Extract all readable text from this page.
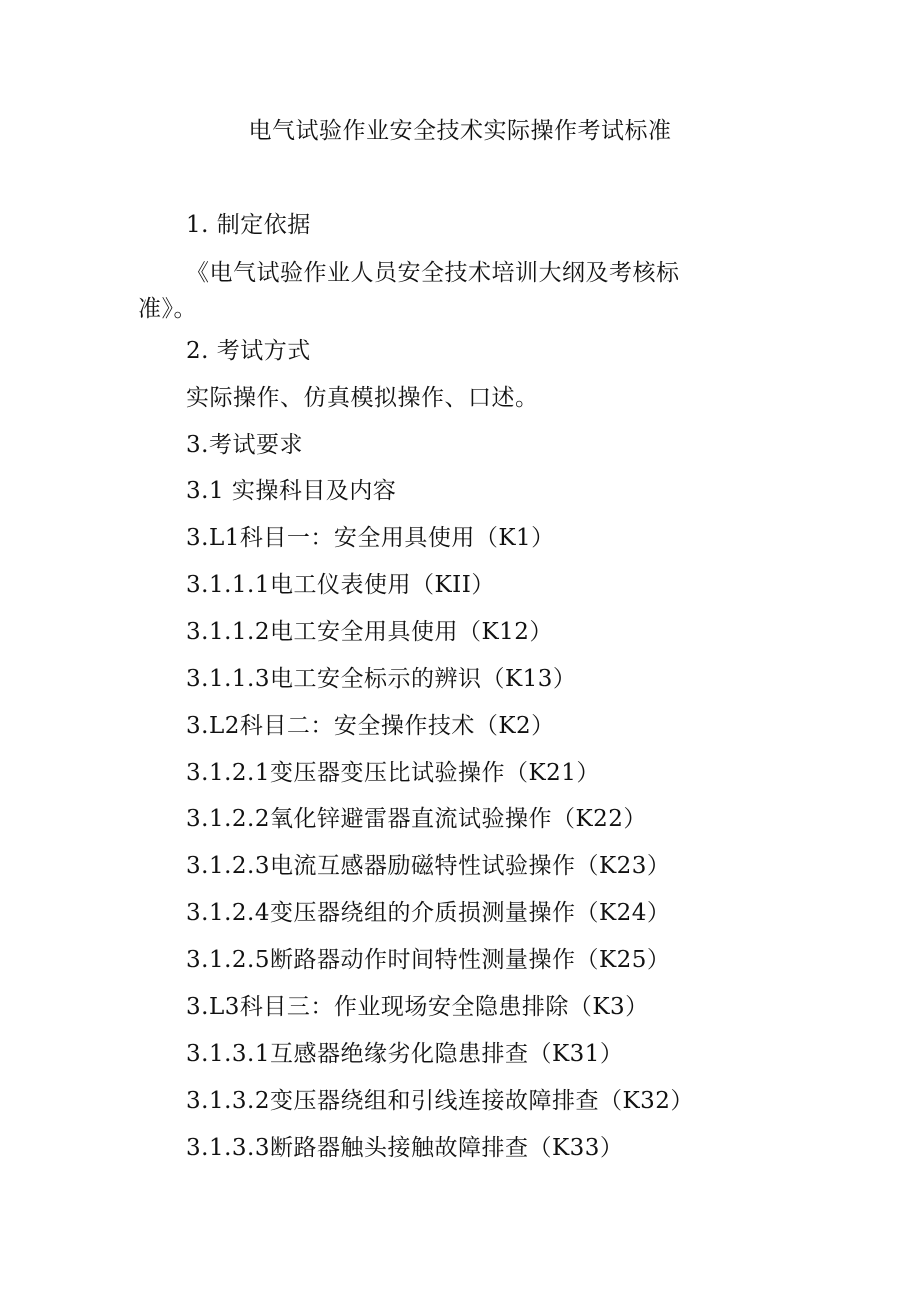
电气试验作业安全技术实际操作考试标准
1. 制定依据
《电气试验作业人员安全技术培训大纲及考核标
准》。
2. 考试方式
实际操作、仿真模拟操作、口述。
3.考试要求
3.1 实操科目及内容
3.L1科目一：安全用具使用（K1）
3.1.1.1电工仪表使用（KII）
3.1.1.2电工安全用具使用（K12）
3.1.1.3电工安全标示的辨识（K13）
3.L2科目二：安全操作技术（K2）
3.1.2.1变压器变压比试验操作（K21）
3.1.2.2氧化锌避雷器直流试验操作（K22）
3.1.2.3电流互感器励磁特性试验操作（K23）
3.1.2.4变压器绕组的介质损测量操作（K24）
3.1.2.5断路器动作时间特性测量操作（K25）
3.L3科目三：作业现场安全隐患排除（K3）
3.1.3.1互感器绝缘劣化隐患排查（K31）
3.1.3.2变压器绕组和引线连接故障排查（K32）
3.1.3.3断路器触头接触故障排查（K33）
